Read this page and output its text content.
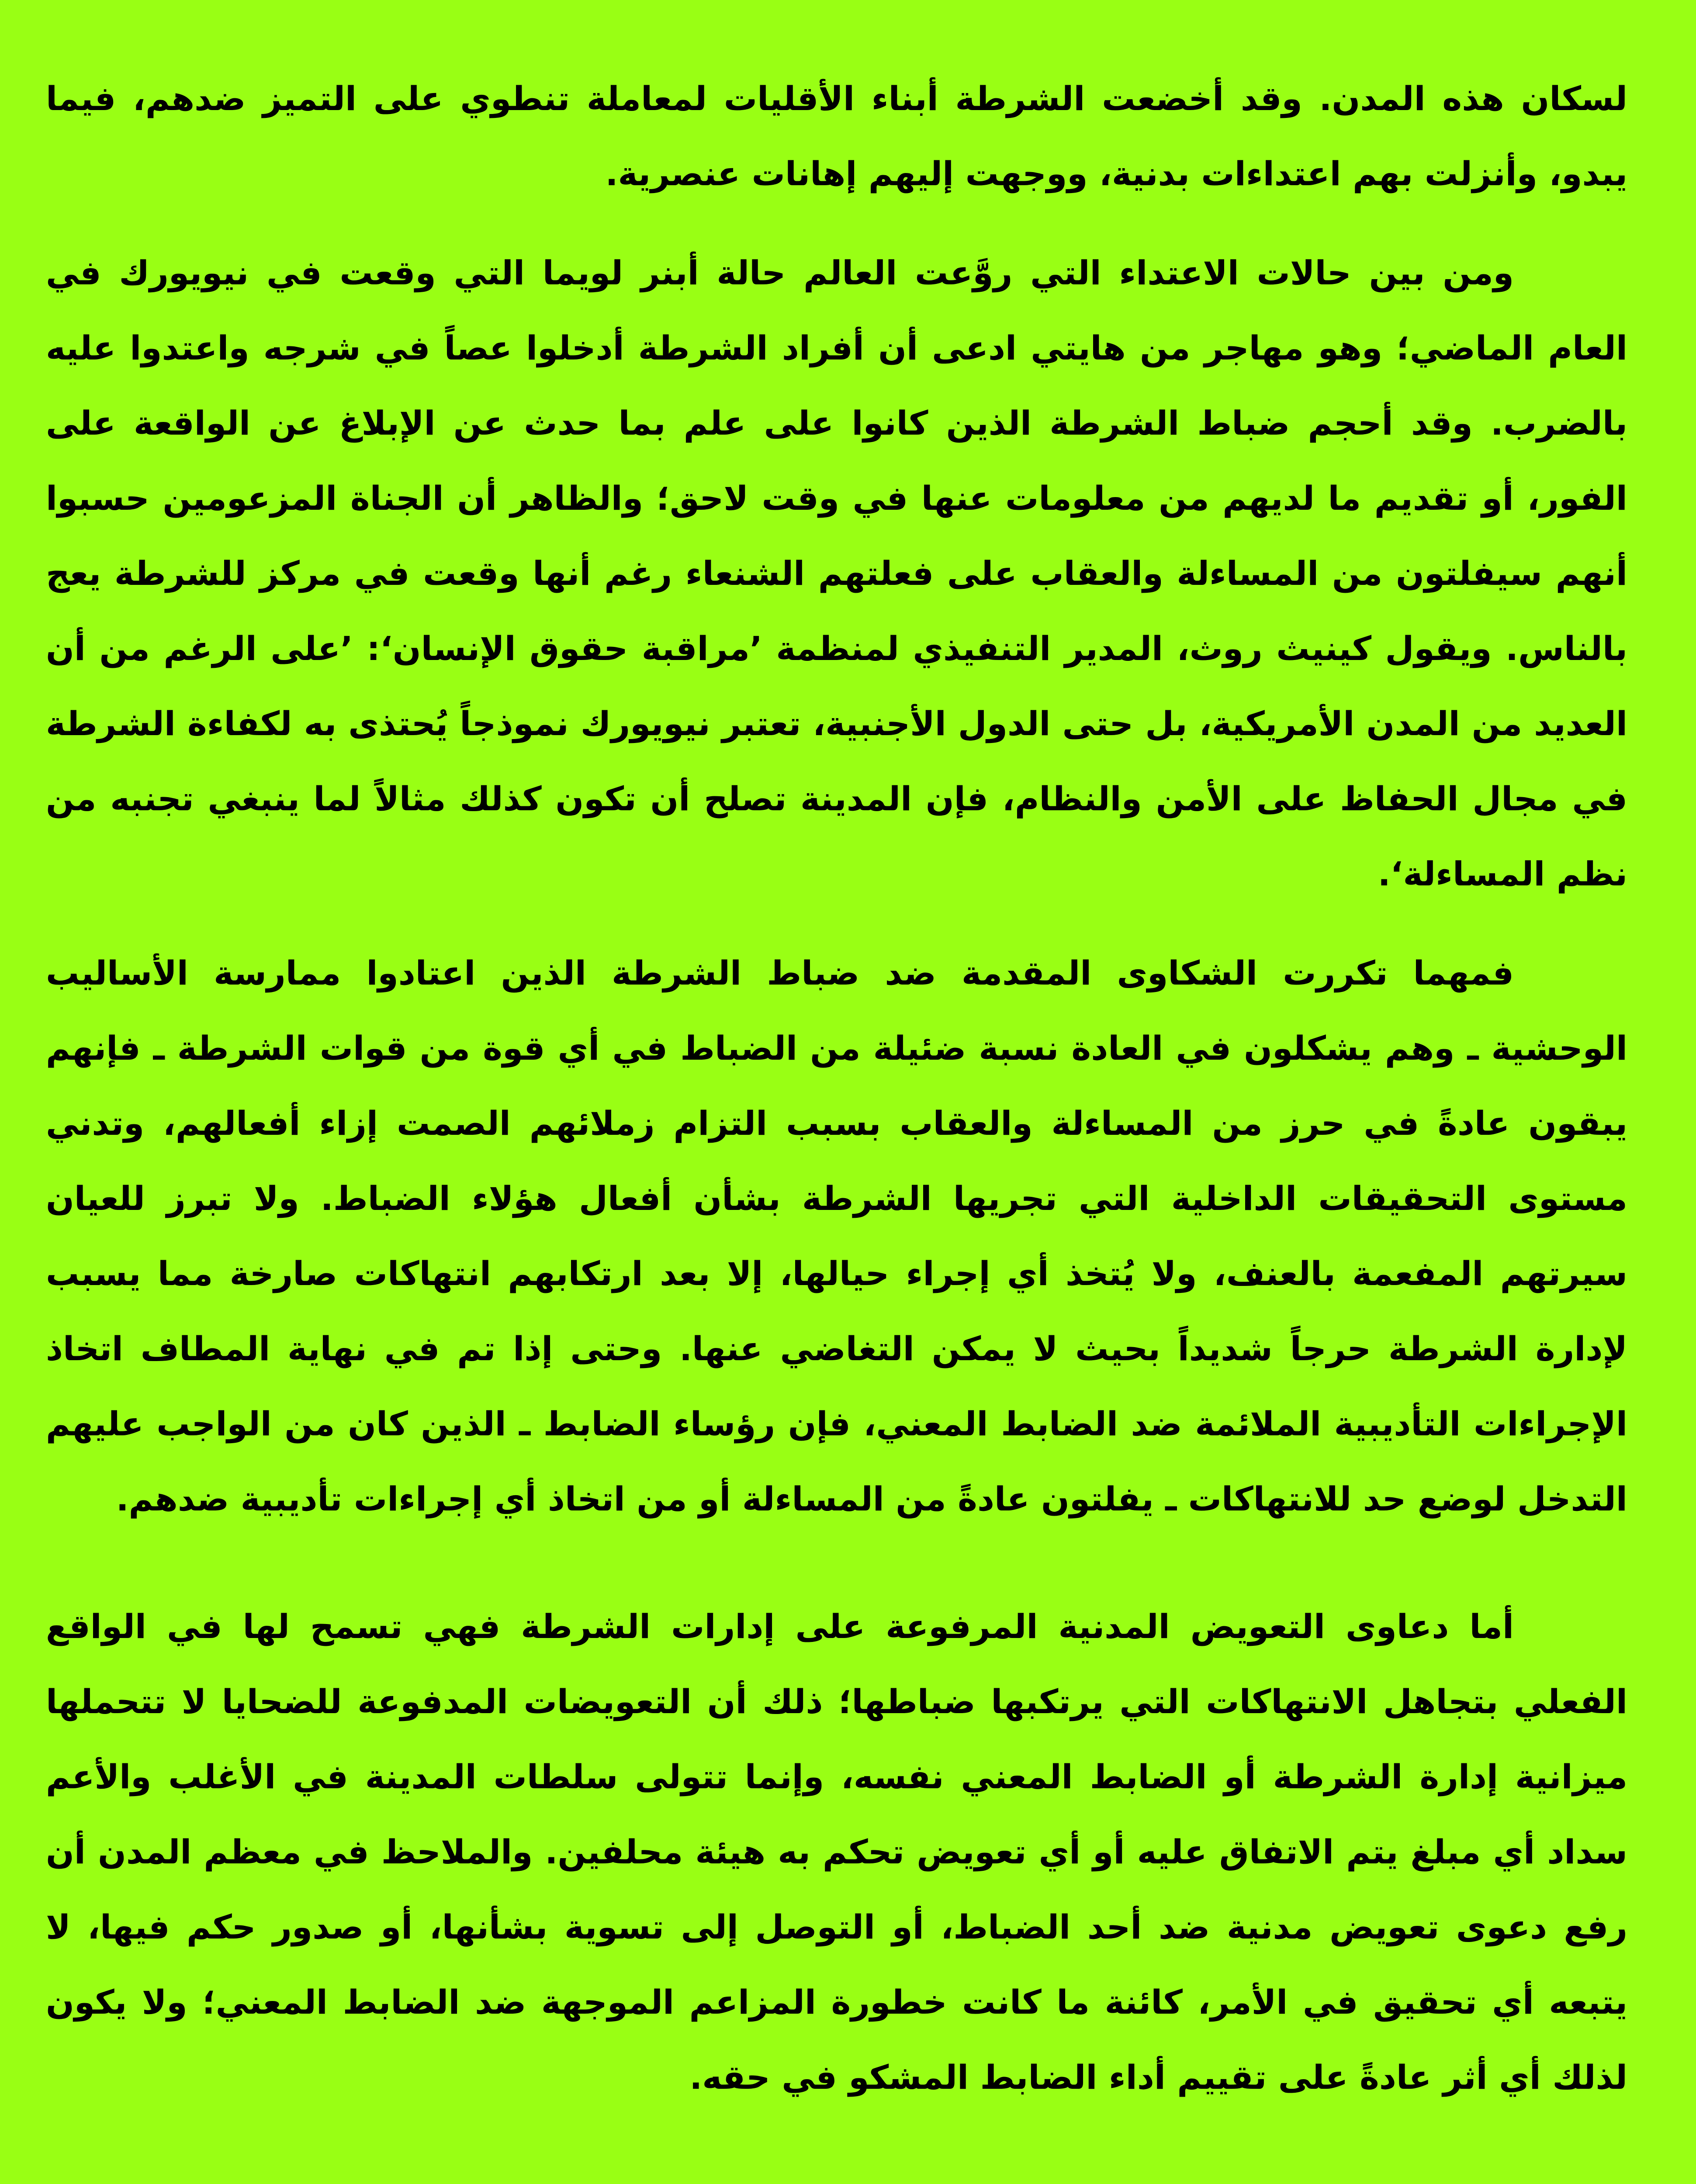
لسكان هذه المدن. وقد أخضعت الشرطة أبناء الأقليات لمعاملة تنطوي على التميز ضدهم، فيما يبدو، وأنزلت بهم اعتداءات بدنية، ووجهت إليهم إهانات عنصرية.

ومن بين حالات الاعتداء التي روَّعت العالم حالة أبنر لويما التي وقعت في نيويورك في العام الماضي؛ وهو مهاجر من هايتي ادعى أن أفراد الشرطة أدخلوا عصاً في شرجه واعتدوا عليه بالضرب. وقد أحجم ضباط الشرطة الذين كانوا على علم بما حدث عن الإبلاغ عن الواقعة على الفور، أو تقديم ما لديهم من معلومات عنها في وقت لاحق؛ والظاهر أن الجناة المزعومين حسبوا أنهم سيفلتون من المساءلة والعقاب على فعلتهم الشنعاء رغم أنها وقعت في مركز للشرطة يعج بالناس. ويقول كينيث روث، المدير التنفيذي لمنظمة ’مراقبة حقوق الإنسان‘: ’على الرغم من أن العديد من المدن الأمريكية، بل حتى الدول الأجنبية، تعتبر نيويورك نموذجاً يُحتذى به لكفاءة الشرطة في مجال الحفاظ على الأمن والنظام، فإن المدينة تصلح أن تكون كذلك مثالاً لما ينبغي تجنبه من نظم المساءلة‘.

فمهما تكررت الشكاوى المقدمة ضد ضباط الشرطة الذين اعتادوا ممارسة الأساليب الوحشية ـ وهم يشكلون في العادة نسبة ضئيلة من الضباط في أي قوة من قوات الشرطة ـ فإنهم يبقون عادةً في حرز من المساءلة والعقاب بسبب التزام زملائهم الصمت إزاء أفعالهم، وتدني مستوى التحقيقات الداخلية التي تجريها الشرطة بشأن أفعال هؤلاء الضباط. ولا تبرز للعيان سيرتهم المفعمة بالعنف، ولا يُتخذ أي إجراء حيالها، إلا بعد ارتكابهم انتهاكات صارخة مما يسبب لإدارة الشرطة حرجاً شديداً بحيث لا يمكن التغاضي عنها. وحتى إذا تم في نهاية المطاف اتخاذ الإجراءات التأديبية الملائمة ضد الضابط المعني، فإن رؤساء الضابط ـ الذين كان من الواجب عليهم التدخل لوضع حد للانتهاكات ـ يفلتون عادةً من المساءلة أو من اتخاذ أي إجراءات تأديبية ضدهم.

أما دعاوى التعويض المدنية المرفوعة على إدارات الشرطة فهي تسمح لها في الواقع الفعلي بتجاهل الانتهاكات التي يرتكبها ضباطها؛ ذلك أن التعويضات المدفوعة للضحايا لا تتحملها ميزانية إدارة الشرطة أو الضابط المعني نفسه، وإنما تتولى سلطات المدينة في الأغلب والأعم سداد أي مبلغ يتم الاتفاق عليه أو أي تعويض تحكم به هيئة محلفين. والملاحظ في معظم المدن أن رفع دعوى تعويض مدنية ضد أحد الضباط، أو التوصل إلى تسوية بشأنها، أو صدور حكم فيها، لا يتبعه أي تحقيق في الأمر، كائنة ما كانت خطورة المزاعم الموجهة ضد الضابط المعني؛ ولا يكون لذلك أي أثر عادةً على تقييم أداء الضابط المشكو في حقه.
